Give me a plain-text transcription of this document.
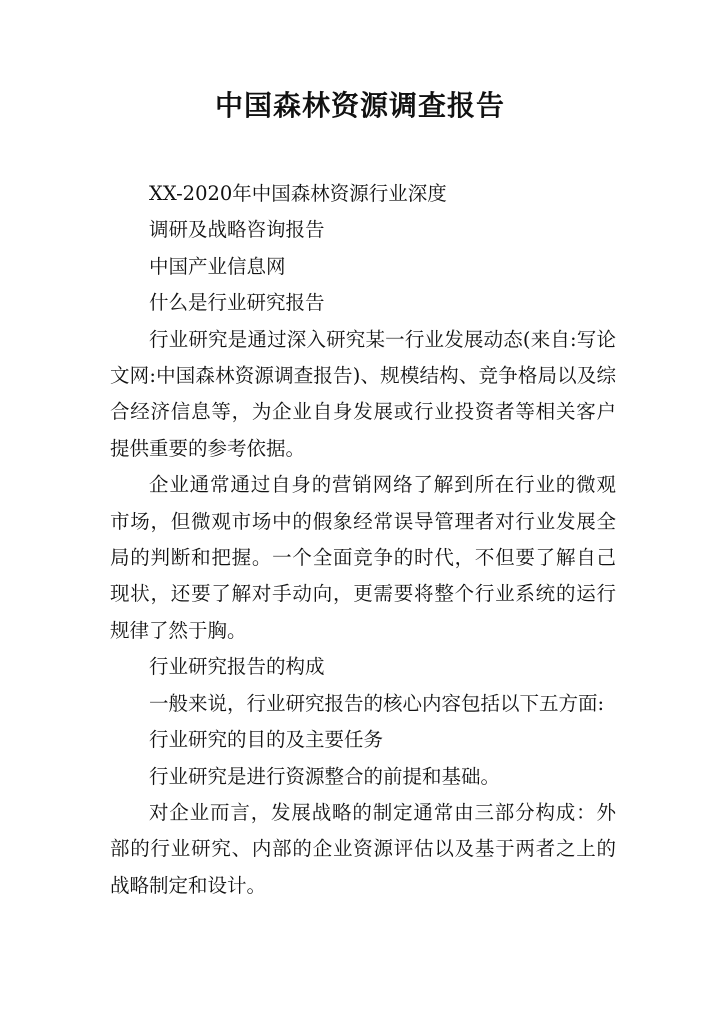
中国森林资源调查报告

XX-2020年中国森林资源行业深度

调研及战略咨询报告

中国产业信息网

什么是行业研究报告

行业研究是通过深入研究某一行业发展动态(来自:写论文网:中国森林资源调查报告)、规模结构、竞争格局以及综合经济信息等，为企业自身发展或行业投资者等相关客户提供重要的参考依据。

企业通常通过自身的营销网络了解到所在行业的微观市场，但微观市场中的假象经常误导管理者对行业发展全局的判断和把握。一个全面竞争的时代，不但要了解自己现状，还要了解对手动向，更需要将整个行业系统的运行规律了然于胸。

行业研究报告的构成

一般来说，行业研究报告的核心内容包括以下五方面:

行业研究的目的及主要任务

行业研究是进行资源整合的前提和基础。

对企业而言，发展战略的制定通常由三部分构成：外部的行业研究、内部的企业资源评估以及基于两者之上的战略制定和设计。
